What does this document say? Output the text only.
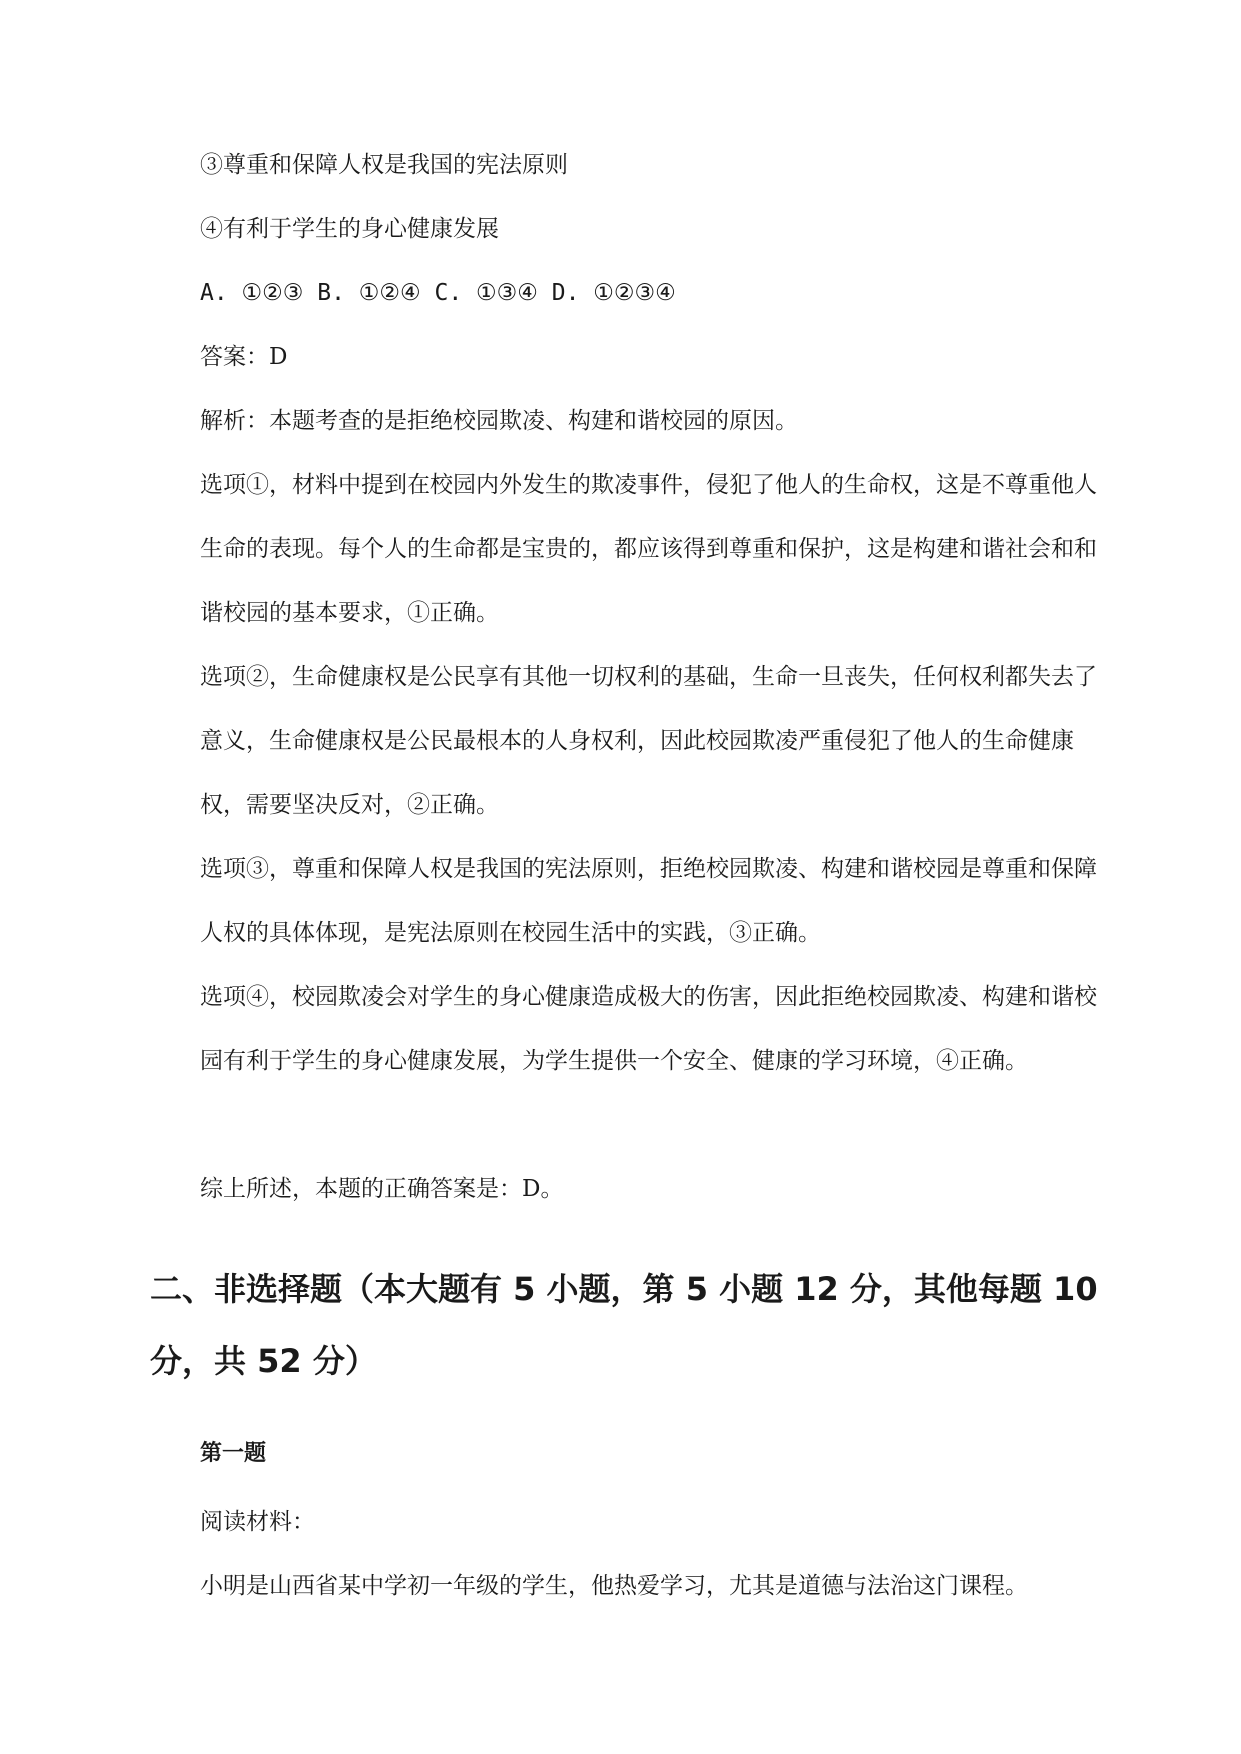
③尊重和保障人权是我国的宪法原则

④有利于学生的身心健康发展

A. ①②③ B. ①②④ C. ①③④ D. ①②③④

答案：D

解析：本题考查的是拒绝校园欺凌、构建和谐校园的原因。

选项①，材料中提到在校园内外发生的欺凌事件，侵犯了他人的生命权，这是不尊重他人生命的表现。每个人的生命都是宝贵的，都应该得到尊重和保护，这是构建和谐社会和和谐校园的基本要求，①正确。

选项②，生命健康权是公民享有其他一切权利的基础，生命一旦丧失，任何权利都失去了意义，生命健康权是公民最根本的人身权利，因此校园欺凌严重侵犯了他人的生命健康权，需要坚决反对，②正确。

选项③，尊重和保障人权是我国的宪法原则，拒绝校园欺凌、构建和谐校园是尊重和保障人权的具体体现，是宪法原则在校园生活中的实践，③正确。

选项④，校园欺凌会对学生的身心健康造成极大的伤害，因此拒绝校园欺凌、构建和谐校园有利于学生的身心健康发展，为学生提供一个安全、健康的学习环境，④正确。

综上所述，本题的正确答案是：D。

二、非选择题（本大题有 5 小题，第 5 小题 12 分，其他每题 10 分，共 52 分）
第一题

阅读材料：

小明是山西省某中学初一年级的学生，他热爱学习，尤其是道德与法治这门课程。
